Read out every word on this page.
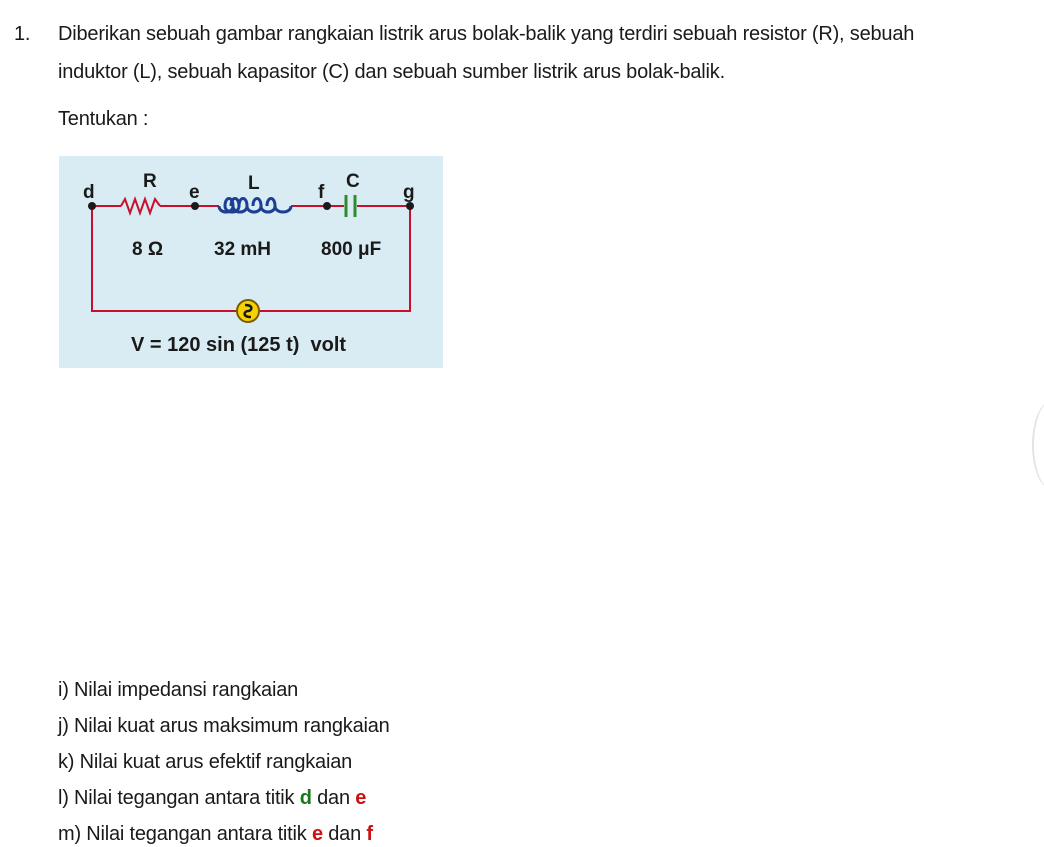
1. Diberikan sebuah gambar rangkaian listrik arus bolak-balik yang terdiri sebuah resistor (R), sebuah
induktor (L), sebuah kapasitor (C) dan sebuah sumber listrik arus bolak-balik.
Tentukan :
d
R
e	L	f
C
g
8 Ω	32 mH	800 μF
V = 120 sin (125 t)  volt
i) Nilai impedansi rangkaian
j) Nilai kuat arus maksimum rangkaian
k) Nilai kuat arus efektif rangkaian
l) Nilai tegangan antara titik d dan e
m) Nilai tegangan antara titik e dan f
